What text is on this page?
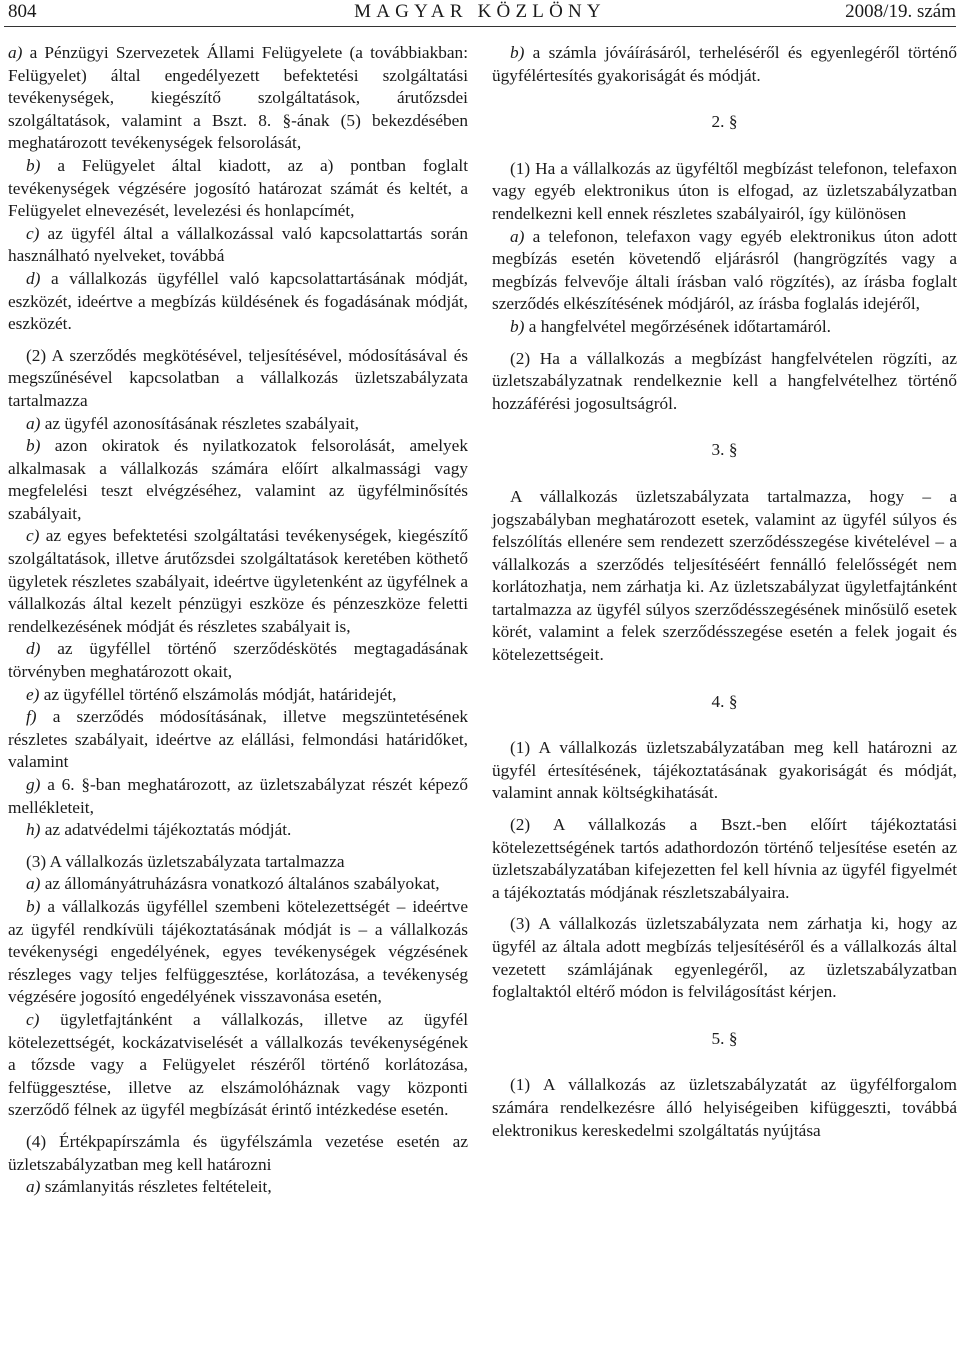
804	MAGYAR KÖZLÖNY	2008/19. szám

a) a Pénzügyi Szervezetek Állami Felügyelete (a továbbiakban: Felügyelet) által engedélyezett befektetési szolgáltatási tevékenységek, kiegészítő szolgáltatások, árutőzsdei szolgáltatások, valamint a Bszt. 8. §-ának (5) bekezdésében meghatározott tevékenységek felsorolását,

b) a Felügyelet által kiadott, az a) pontban foglalt tevékenységek végzésére jogosító határozat számát és keltét, a Felügyelet elnevezését, levelezési és honlapcímét,

c) az ügyfél által a vállalkozással való kapcsolattartás során használható nyelveket, továbbá

d) a vállalkozás ügyféllel való kapcsolattartásának módját, eszközét, ideértve a megbízás küldésének és fogadásának módját, eszközét.

(2) A szerződés megkötésével, teljesítésével, módosításával és megszűnésével kapcsolatban a vállalkozás üzletszabályzata tartalmazza

a) az ügyfél azonosításának részletes szabályait,

b) azon okiratok és nyilatkozatok felsorolását, amelyek alkalmasak a vállalkozás számára előírt alkalmassági vagy megfelelési teszt elvégzéséhez, valamint az ügyfélminősítés szabályait,

c) az egyes befektetési szolgáltatási tevékenységek, kiegészítő szolgáltatások, illetve árutőzsdei szolgáltatások keretében köthető ügyletek részletes szabályait, ideértve ügyletenként az ügyfélnek a vállalkozás által kezelt pénzügyi eszköze és pénzeszköze feletti rendelkezésének módját és részletes szabályait is,

d) az ügyféllel történő szerződéskötés megtagadásának törvényben meghatározott okait,

e) az ügyféllel történő elszámolás módját, határidejét,

f) a szerződés módosításának, illetve megszüntetésének részletes szabályait, ideértve az elállási, felmondási határidőket, valamint

g) a 6. §-ban meghatározott, az üzletszabályzat részét képező mellékleteit,

h) az adatvédelmi tájékoztatás módját.

(3) A vállalkozás üzletszabályzata tartalmazza

a) az állományátruházásra vonatkozó általános szabályokat,

b) a vállalkozás ügyféllel szembeni kötelezettségét – ideértve az ügyfél rendkívüli tájékoztatásának módját is – a vállalkozás tevékenységi engedélyének, egyes tevékenységek végzésének részleges vagy teljes felfüggesztése, korlátozása, a tevékenység végzésére jogosító engedélyének visszavonása esetén,

c) ügyletfajtánként a vállalkozás, illetve az ügyfél kötelezettségét, kockázatviselését a vállalkozás tevékenységének a tőzsde vagy a Felügyelet részéről történő korlátozása, felfüggesztése, illetve az elszámolóháznak vagy központi szerződő félnek az ügyfél megbízását érintő intézkedése esetén.

(4) Értékpapírszámla és ügyfélszámla vezetése esetén az üzletszabályzatban meg kell határozni

a) számlanyitás részletes feltételeit,

b) a számla jóváírásáról, terheléséről és egyenlegéről történő ügyfélértesítés gyakoriságát és módját.

2. §

(1) Ha a vállalkozás az ügyféltől megbízást telefonon, telefaxon vagy egyéb elektronikus úton is elfogad, az üzletszabályzatban rendelkezni kell ennek részletes szabályairól, így különösen

a) a telefonon, telefaxon vagy egyéb elektronikus úton adott megbízás esetén követendő eljárásról (hangrögzítés vagy a megbízás felvevője általi írásban való rögzítés), az írásba foglalt szerződés elkészítésének módjáról, az írásba foglalás idejéről,

b) a hangfelvétel megőrzésének időtartamáról.

(2) Ha a vállalkozás a megbízást hangfelvételen rögzíti, az üzletszabályzatnak rendelkeznie kell a hangfelvételhez történő hozzáférési jogosultságról.

3. §

A vállalkozás üzletszabályzata tartalmazza, hogy – a jogszabályban meghatározott esetek, valamint az ügyfél súlyos és felszólítás ellenére sem rendezett szerződésszegése kivételével – a vállalkozás a szerződés teljesítéséért fennálló felelősségét nem korlátozhatja, nem zárhatja ki. Az üzletszabályzat ügyletfajtánként tartalmazza az ügyfél súlyos szerződésszegésének minősülő esetek körét, valamint a felek szerződésszegése esetén a felek jogait és kötelezettségeit.

4. §

(1) A vállalkozás üzletszabályzatában meg kell határozni az ügyfél értesítésének, tájékoztatásának gyakoriságát és módját, valamint annak költségkihatását.

(2) A vállalkozás a Bszt.-ben előírt tájékoztatási kötelezettségének tartós adathordozón történő teljesítése esetén az üzletszabályzatában kifejezetten fel kell hívnia az ügyfél figyelmét a tájékoztatás módjának részletszabályaira.

(3) A vállalkozás üzletszabályzata nem zárhatja ki, hogy az ügyfél az általa adott megbízás teljesítéséről és a vállalkozás által vezetett számlájának egyenlegéről, az üzletszabályzatban foglaltaktól eltérő módon is felvilágosítást kérjen.

5. §

(1) A vállalkozás az üzletszabályzatát az ügyfélforgalom számára rendelkezésre álló helyiségeiben kifüggeszti, továbbá elektronikus kereskedelmi szolgáltatás nyújtása
